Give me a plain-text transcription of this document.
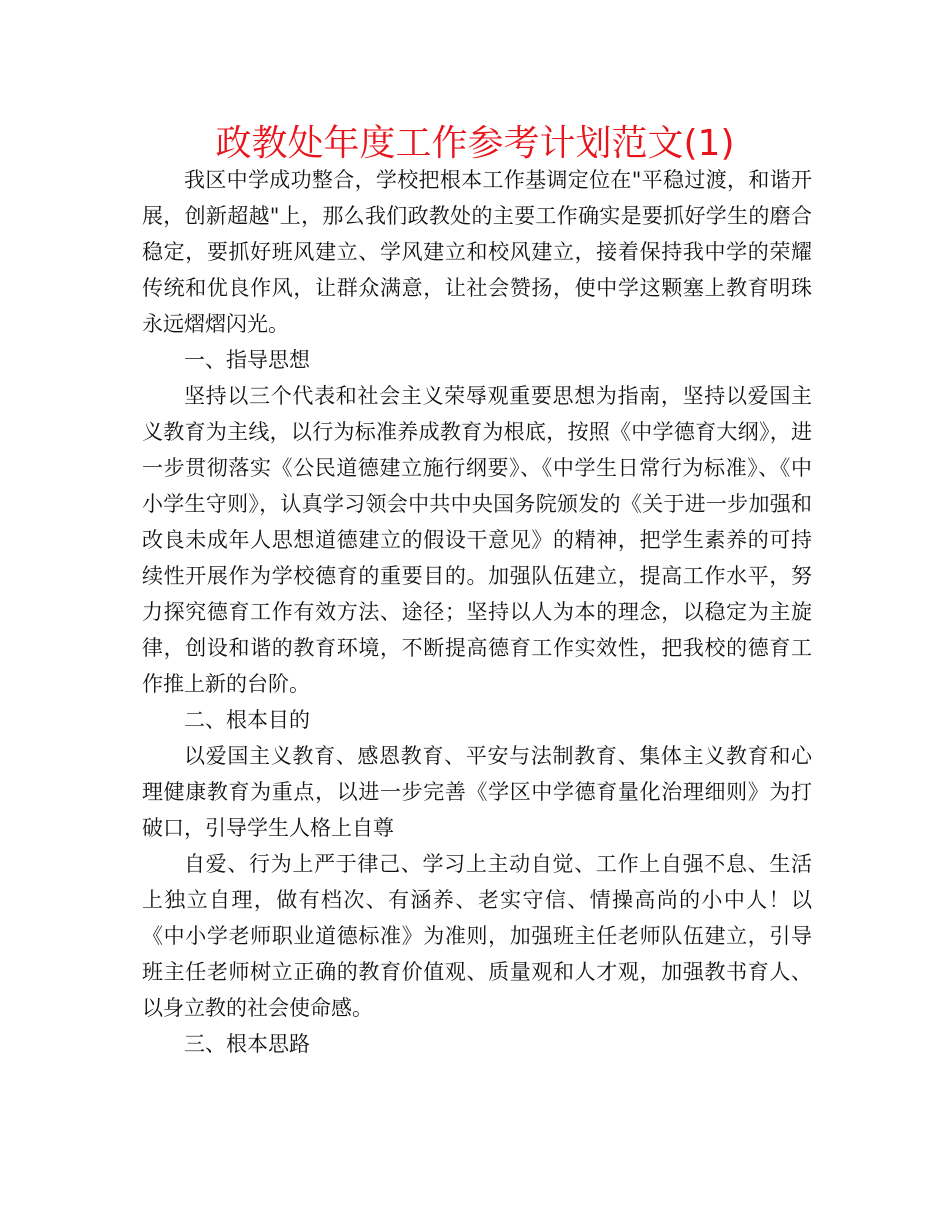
政教处年度工作参考计划范文(1)

我区中学成功整合，学校把根本工作基调定位在"平稳过渡，和谐开展，创新超越"上，那么我们政教处的主要工作确实是要抓好学生的磨合稳定，要抓好班风建立、学风建立和校风建立，接着保持我中学的荣耀传统和优良作风，让群众满意，让社会赞扬，使中学这颗塞上教育明珠永远熠熠闪光。

一、指导思想

坚持以三个代表和社会主义荣辱观重要思想为指南，坚持以爱国主义教育为主线，以行为标准养成教育为根底，按照《中学德育大纲》，进一步贯彻落实《公民道德建立施行纲要》、《中学生日常行为标准》、《中小学生守则》，认真学习领会中共中央国务院颁发的《关于进一步加强和改良未成年人思想道德建立的假设干意见》的精神，把学生素养的可持续性开展作为学校德育的重要目的。加强队伍建立，提高工作水平，努力探究德育工作有效方法、途径；坚持以人为本的理念，以稳定为主旋律，创设和谐的教育环境，不断提高德育工作实效性，把我校的德育工作推上新的台阶。

二、根本目的

以爱国主义教育、感恩教育、平安与法制教育、集体主义教育和心理健康教育为重点，以进一步完善《学区中学德育量化治理细则》为打破口，引导学生人格上自尊

自爱、行为上严于律己、学习上主动自觉、工作上自强不息、生活上独立自理，做有档次、有涵养、老实守信、情操高尚的小中人！以《中小学老师职业道德标准》为准则，加强班主任老师队伍建立，引导班主任老师树立正确的教育价值观、质量观和人才观，加强教书育人、以身立教的社会使命感。

三、根本思路
